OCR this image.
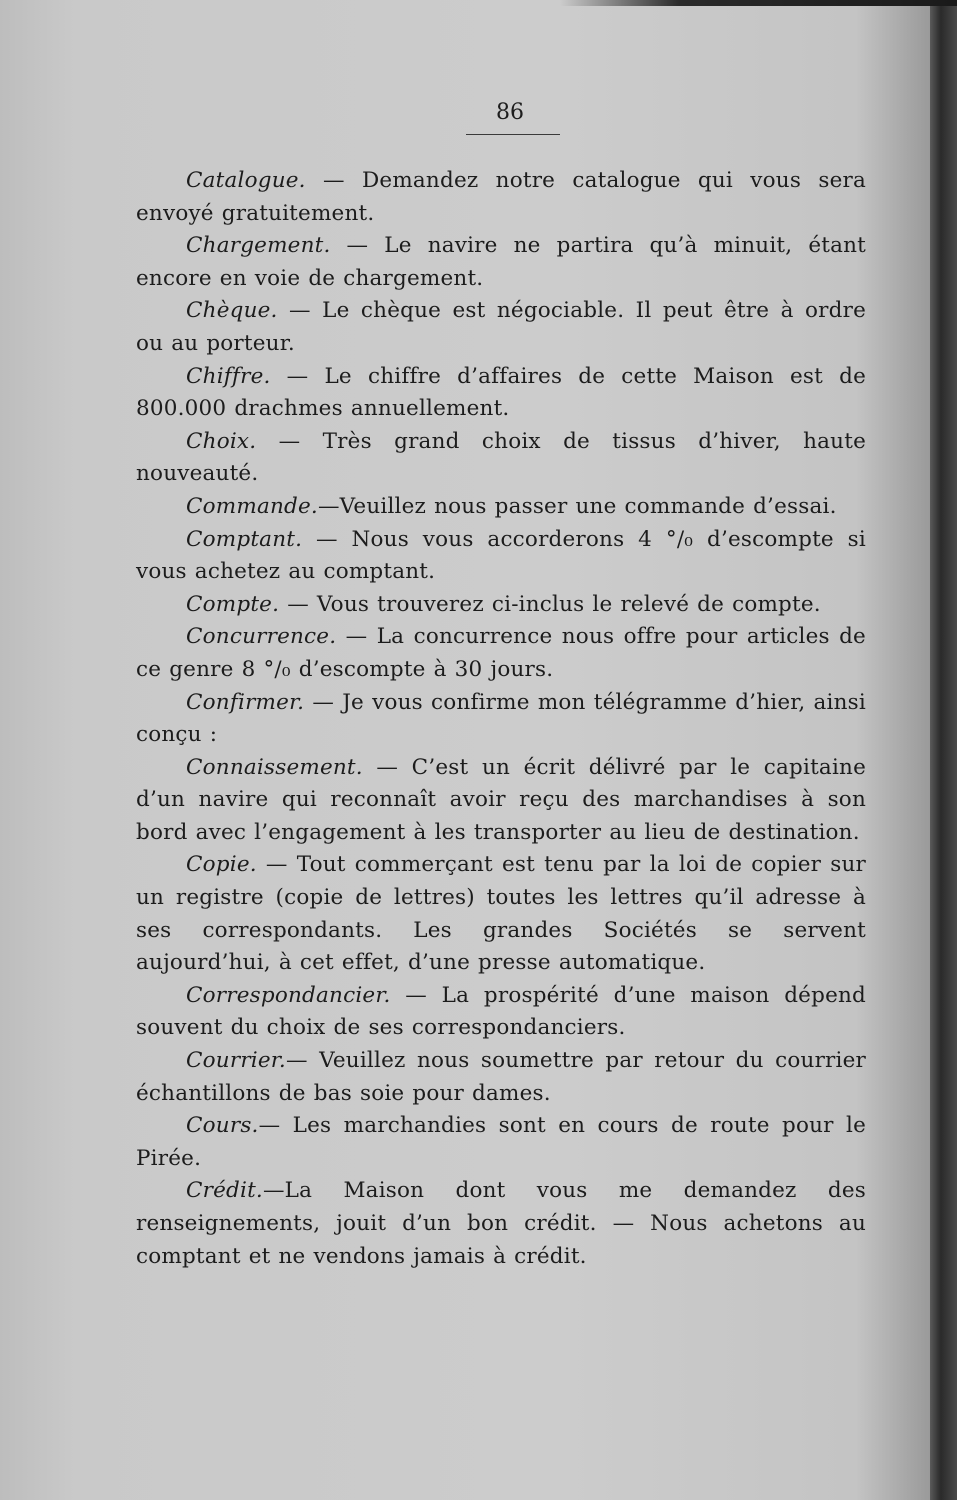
86

Catalogue. — Demandez notre catalogue qui vous sera envoyé gratuitement.

Chargement. — Le navire ne partira qu’à minuit, étant encore en voie de chargement.

Chèque. — Le chèque est négociable. Il peut être à ordre ou au porteur.

Chiffre. — Le chiffre d’affaires de cette Maison est de 800.000 drachmes annuellement.

Choix. — Très grand choix de tissus d’hiver, haute nouveauté.

Commande.—Veuillez nous passer une commande d’essai.

Comptant. — Nous vous accorderons 4 °/₀ d’escompte si vous achetez au comptant.

Compte. — Vous trouverez ci-inclus le relevé de compte.

Concurrence. — La concurrence nous offre pour articles de ce genre 8 °/₀ d’escompte à 30 jours.

Confirmer. — Je vous confirme mon télégramme d’hier, ainsi conçu :

Connaissement. — C’est un écrit délivré par le capitaine d’un navire qui reconnaît avoir reçu des marchandises à son bord avec l’engagement à les transporter au lieu de destination.

Copie. — Tout commerçant est tenu par la loi de copier sur un registre (copie de lettres) toutes les lettres qu’il adresse à ses correspondants. Les grandes Sociétés se servent aujourd’hui, à cet effet, d’une presse automatique.

Correspondancier. — La prospérité d’une maison dépend souvent du choix de ses correspondanciers.

Courrier.— Veuillez nous soumettre par retour du courrier échantillons de bas soie pour dames.

Cours.— Les marchandies sont en cours de route pour le Pirée.

Crédit.—La Maison dont vous me demandez des renseignements, jouit d’un bon crédit. — Nous achetons au comptant et ne vendons jamais à crédit.
